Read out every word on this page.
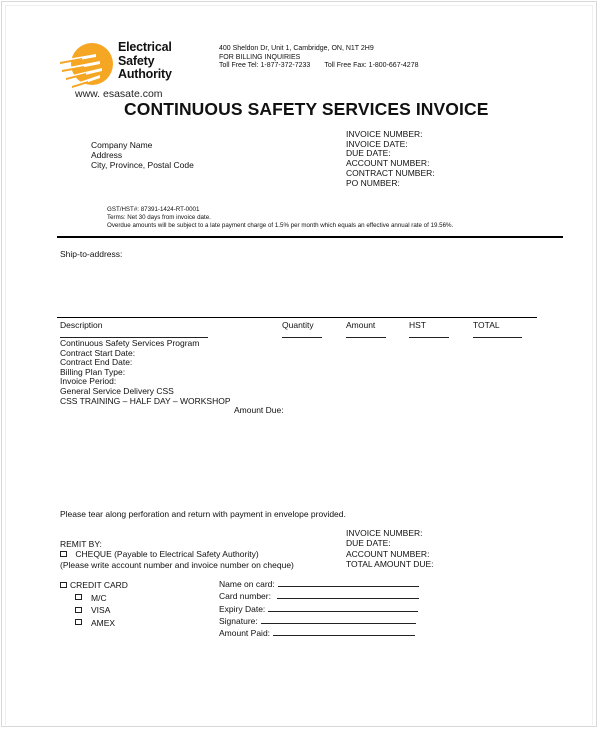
Electrical
Safety
Authority
www. esasate.com
400 Sheldon Dr, Unit 1, Cambridge, ON, N1T 2H9
FOR BILLING INQUIRIES
Toll Free Tel: 1-877-372-7233 Toll Free Fax: 1-800-667-4278
CONTINUOUS SAFETY SERVICES INVOICE
Company Name
Address
City, Province, Postal Code
INVOICE NUMBER:
INVOICE DATE:
DUE DATE:
ACCOUNT NUMBER:
CONTRACT NUMBER:
PO NUMBER:
GST/HST#: 87391-1424-RT-0001
Terms: Net 30 days from invoice date.
Overdue amounts will be subject to a late payment charge of 1.5% per month which equals an effective annual rate of 19.56%.
Ship-to-address:
Description	Quantity	Amount	HST	TOTAL
Continuous Safety Services Program
Contract Start Date:
Contract End Date:
Billing Plan Type:
Invoice Period:
General Service Delivery CSS
CSS TRAINING – HALF DAY – WORKSHOP
Amount Due:
Please tear along perforation and return with payment in envelope provided.
REMIT BY:
CHEQUE (Payable to Electrical Safety Authority)
(Please write account number and invoice number on cheque)
INVOICE NUMBER:
DUE DATE:
ACCOUNT NUMBER:
TOTAL AMOUNT DUE:
CREDIT CARD
M/C
VISA
AMEX
Name on card:
Card number:
Expiry Date:
Signature:
Amount Paid:
